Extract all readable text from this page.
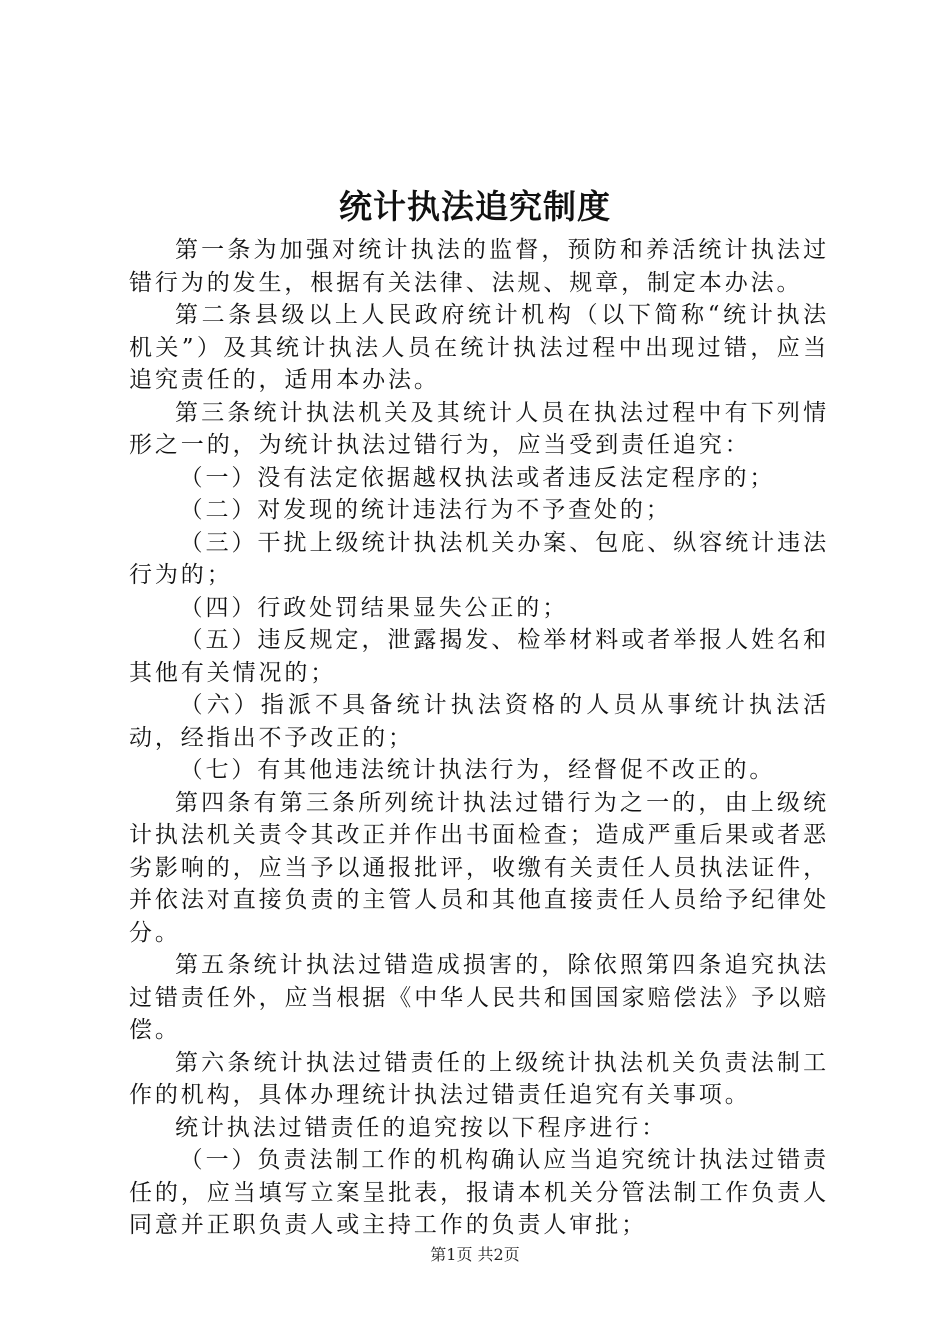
统计执法追究制度

第一条为加强对统计执法的监督，预防和养活统计执法过错行为的发生，根据有关法律、法规、规章，制定本办法。

第二条县级以上人民政府统计机构（以下简称“统计执法机关”）及其统计执法人员在统计执法过程中出现过错，应当追究责任的，适用本办法。

第三条统计执法机关及其统计人员在执法过程中有下列情形之一的，为统计执法过错行为，应当受到责任追究：

（一）没有法定依据越权执法或者违反法定程序的；

（二）对发现的统计违法行为不予查处的；

（三）干扰上级统计执法机关办案、包庇、纵容统计违法行为的；

（四）行政处罚结果显失公正的；

（五）违反规定，泄露揭发、检举材料或者举报人姓名和其他有关情况的；

（六）指派不具备统计执法资格的人员从事统计执法活动，经指出不予改正的；

（七）有其他违法统计执法行为，经督促不改正的。

第四条有第三条所列统计执法过错行为之一的，由上级统计执法机关责令其改正并作出书面检查；造成严重后果或者恶劣影响的，应当予以通报批评，收缴有关责任人员执法证件，并依法对直接负责的主管人员和其他直接责任人员给予纪律处分。

第五条统计执法过错造成损害的，除依照第四条追究执法过错责任外，应当根据《中华人民共和国国家赔偿法》予以赔偿。

第六条统计执法过错责任的上级统计执法机关负责法制工作的机构，具体办理统计执法过错责任追究有关事项。

统计执法过错责任的追究按以下程序进行：

（一）负责法制工作的机构确认应当追究统计执法过错责任的，应当填写立案呈批表，报请本机关分管法制工作负责人同意并正职负责人或主持工作的负责人审批；

第1页 共2页
